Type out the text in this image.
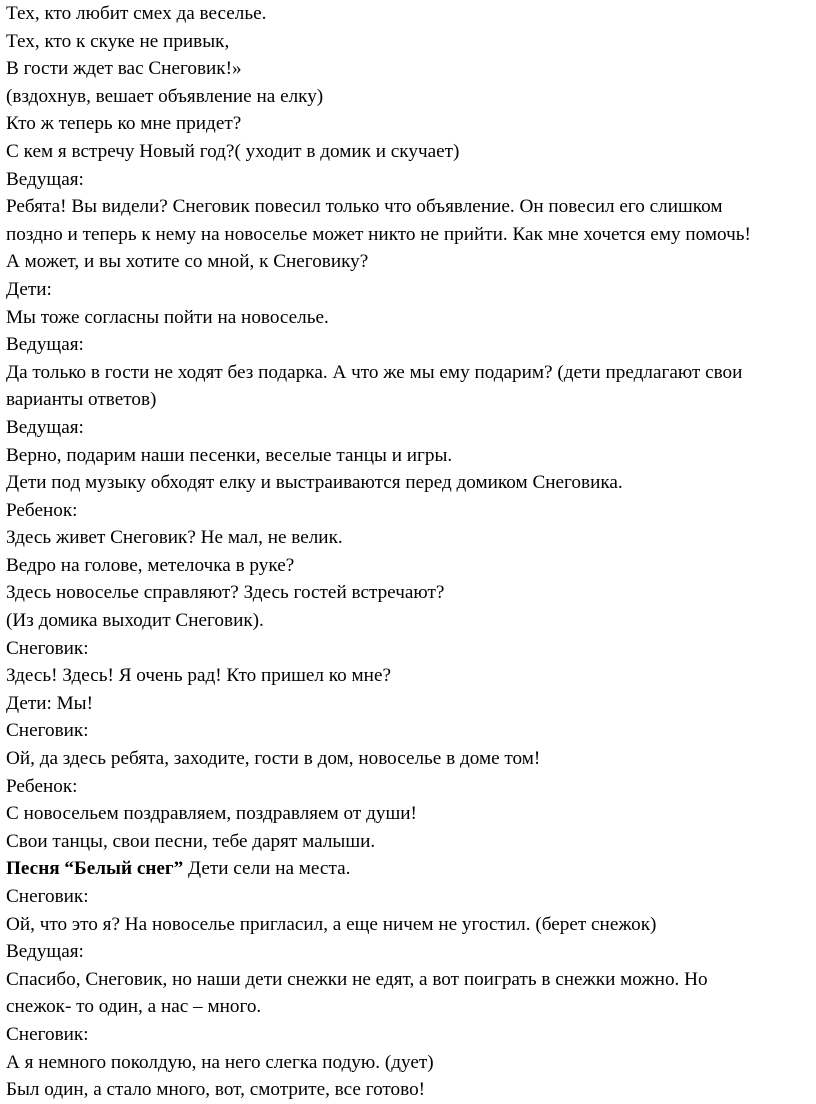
Тех, кто любит смех да веселье.
Тех, кто к скуке не привык,
В гости ждет вас Снеговик!»
(вздохнув, вешает объявление на елку)
Кто ж теперь ко мне придет?
С кем я встречу Новый год?( уходит в домик и скучает)
Ведущая:
Ребята! Вы видели? Снеговик повесил только что объявление. Он повесил его слишком
поздно и теперь к нему на новоселье может никто не прийти. Как мне хочется ему помочь!
А может, и вы хотите со мной, к Снеговику?
Дети:
Мы тоже согласны пойти на новоселье.
Ведущая:
Да только в гости не ходят без подарка. А что же мы ему подарим? (дети предлагают свои
варианты ответов)
Ведущая:
Верно, подарим наши песенки, веселые танцы и игры.
Дети под музыку обходят елку и выстраиваются перед домиком Снеговика.
Ребенок:
Здесь живет Снеговик? Не мал, не велик.
Ведро на голове, метелочка в руке?
Здесь новоселье справляют? Здесь гостей встречают?
(Из домика выходит Снеговик).
Снеговик:
Здесь! Здесь! Я очень рад! Кто пришел ко мне?
Дети: Мы!
Снеговик:
Ой, да здесь ребята, заходите, гости в дом, новоселье в доме том!
Ребенок:
С новосельем поздравляем, поздравляем от души!
Свои танцы, свои песни, тебе дарят малыши.
Песня “Белый снег” Дети сели на места.
Снеговик:
Ой, что это я? На новоселье пригласил, а еще ничем не угостил. (берет снежок)
Ведущая:
Спасибо, Снеговик, но наши дети снежки не едят, а вот поиграть в снежки можно. Но
снежок- то один, а нас – много.
Снеговик:
А я немного поколдую, на него слегка подую. (дует)
Был один, а стало много, вот, смотрите, все готово!
